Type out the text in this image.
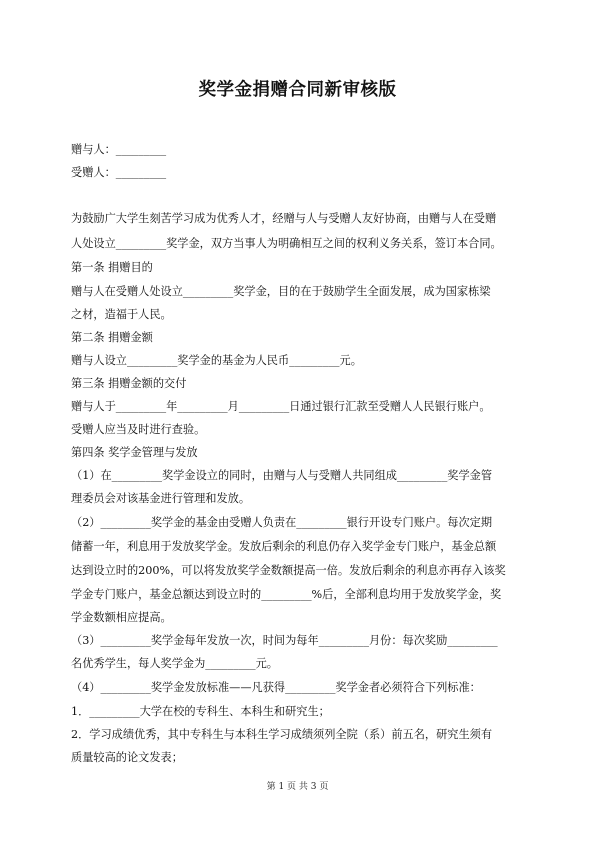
奖学金捐赠合同新审核版
赠与人：_________
受赠人：_________
为鼓励广大学生刻苦学习成为优秀人才，经赠与人与受赠人友好协商，由赠与人在受赠
人处设立_________奖学金，双方当事人为明确相互之间的权利义务关系，签订本合同。
第一条 捐赠目的
赠与人在受赠人处设立_________奖学金，目的在于鼓励学生全面发展，成为国家栋梁
之材，造福于人民。
第二条 捐赠金额
赠与人设立_________奖学金的基金为人民币_________元。
第三条 捐赠金额的交付
赠与人于_________年_________月_________日通过银行汇款至受赠人人民银行账户。
受赠人应当及时进行查验。
第四条 奖学金管理与发放
（1）在_________奖学金设立的同时，由赠与人与受赠人共同组成_________奖学金管
理委员会对该基金进行管理和发放。
（2）_________奖学金的基金由受赠人负责在_________银行开设专门账户。每次定期
储蓄一年，利息用于发放奖学金。发放后剩余的利息仍存入奖学金专门账户，基金总额
达到设立时的200%，可以将发放奖学金数额提高一倍。发放后剩余的利息亦再存入该奖
学金专门账户，基金总额达到设立时的_________%后，全部利息均用于发放奖学金，奖
学金数额相应提高。
（3）_________奖学金每年发放一次，时间为每年_________月份：每次奖励_________
名优秀学生，每人奖学金为_________元。
（4）_________奖学金发放标准——凡获得_________奖学金者必须符合下列标准：
1．_________大学在校的专科生、本科生和研究生；
2．学习成绩优秀，其中专科生与本科生学习成绩须列全院（系）前五名，研究生须有
质量较高的论文发表；
第 1 页 共 3 页
